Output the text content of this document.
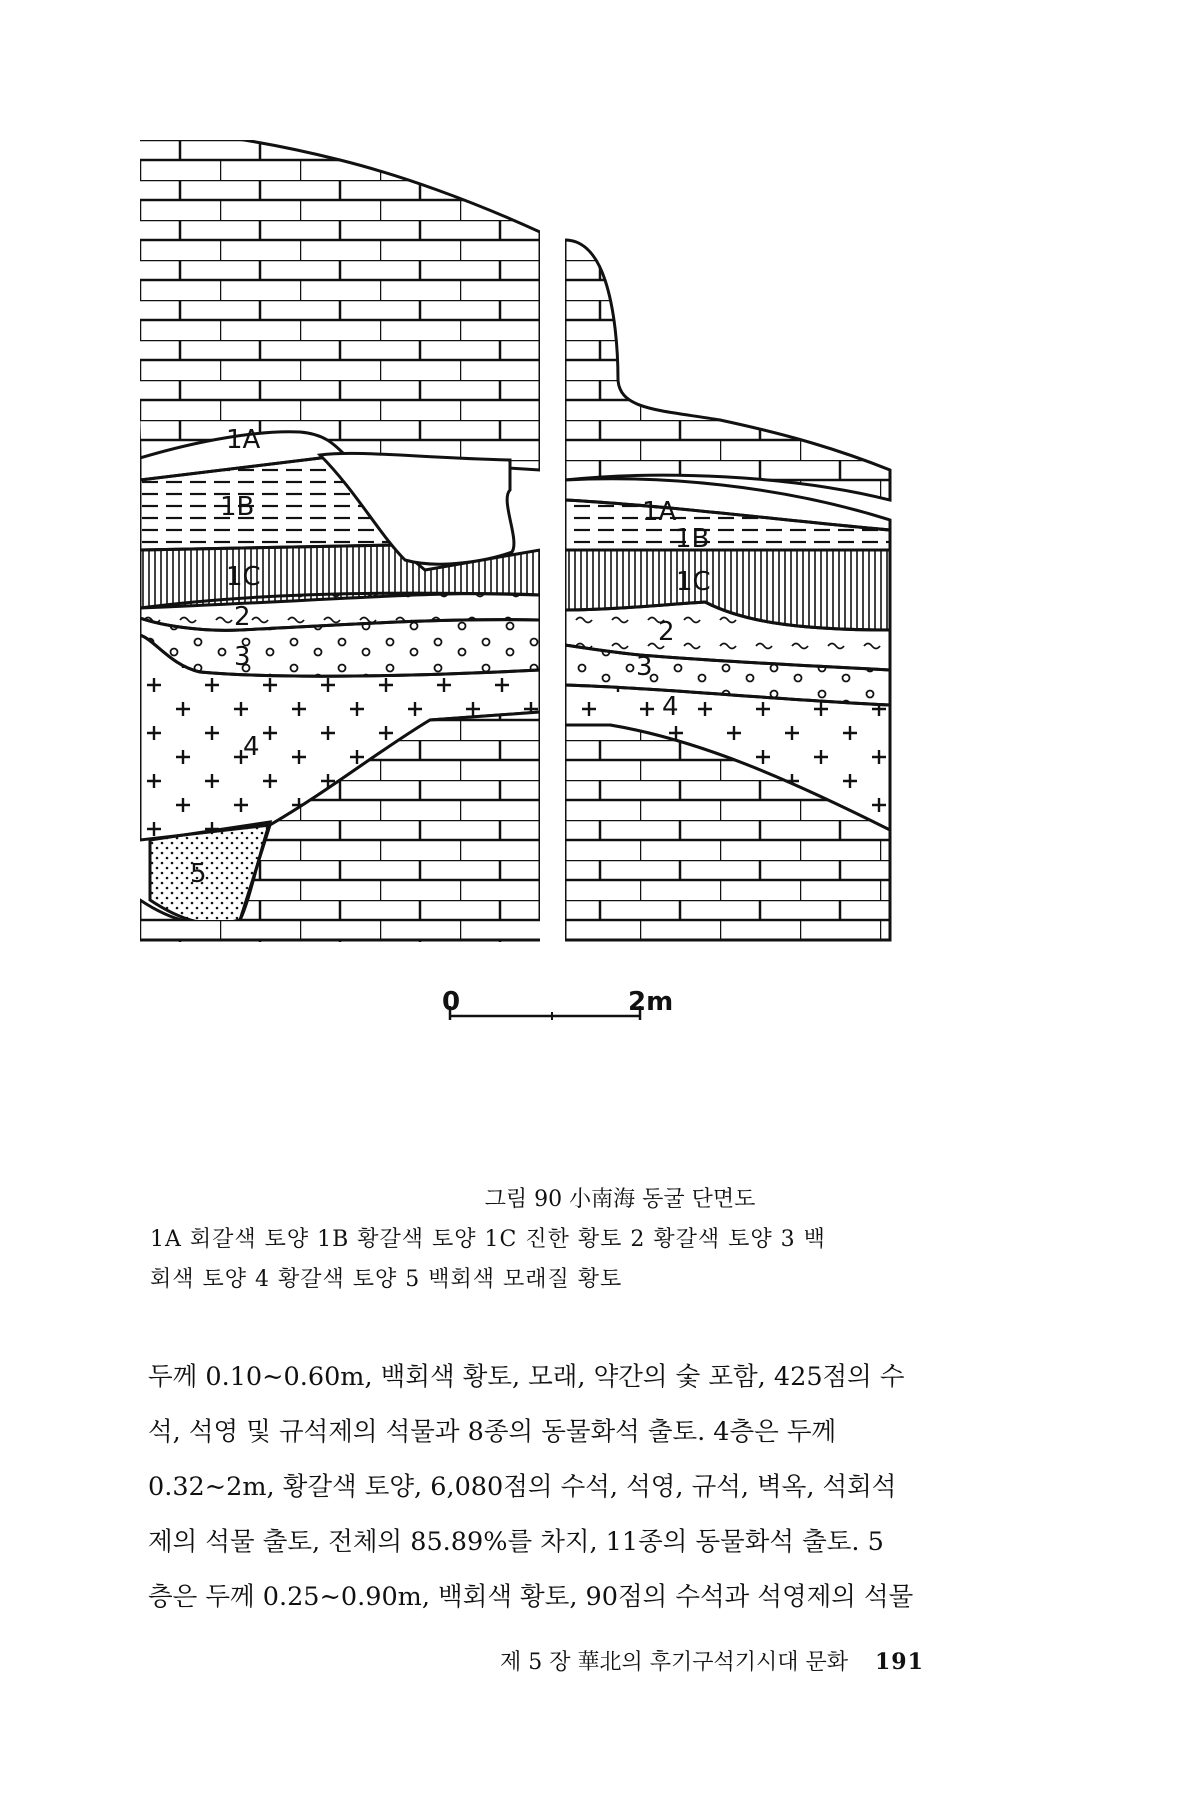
1A
1B
1C
2
3
4
5
1A
1B
1C
2
3
4
0	2m
그림 90 小南海 동굴 단면도
1A 회갈색 토양 1B 황갈색 토양 1C 진한 황토 2 황갈색 토양 3 백
회색 토양 4 황갈색 토양 5 백회색 모래질 황토

두께 0.10∼0.60m, 백회색 황토, 모래, 약간의 숯 포함, 425점의 수

석, 석영 및 규석제의 석물과 8종의 동물화석 출토. 4층은 두께

0.32∼2m, 황갈색 토양, 6,080점의 수석, 석영, 규석, 벽옥, 석회석

제의 석물 출토, 전체의 85.89%를 차지, 11종의 동물화석 출토. 5

층은 두께 0.25∼0.90m, 백회색 황토, 90점의 수석과 석영제의 석물

제 5 장 華北의 후기구석기시대 문화 191
